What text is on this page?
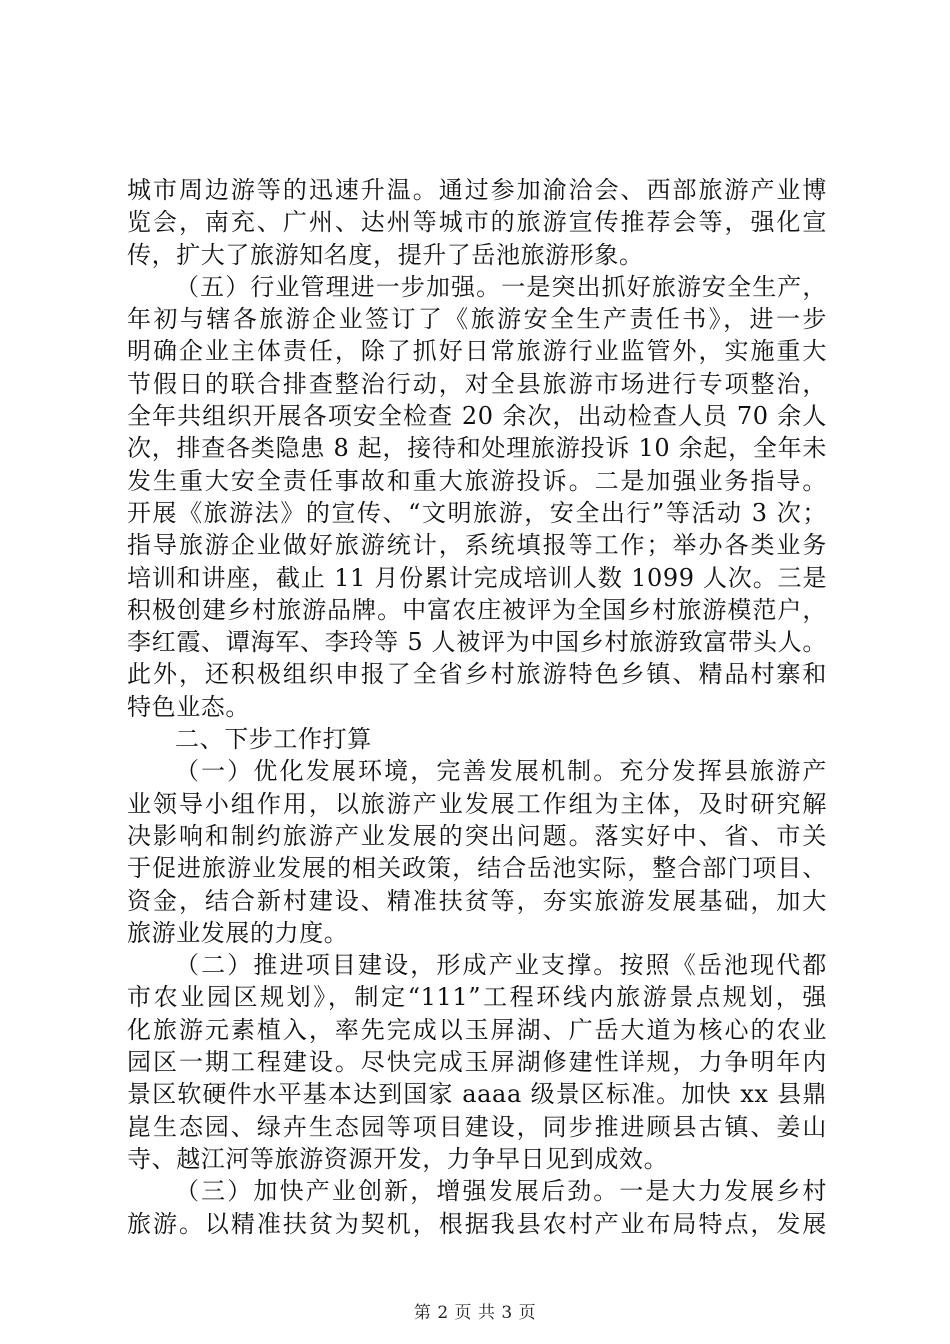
城市周边游等的迅速升温。通过参加渝洽会、西部旅游产业博
览会，南充、广州、达州等城市的旅游宣传推荐会等，强化宣
传，扩大了旅游知名度，提升了岳池旅游形象。
（五）行业管理进一步加强。一是突出抓好旅游安全生产，
年初与辖各旅游企业签订了《旅游安全生产责任书》，进一步
明确企业主体责任，除了抓好日常旅游行业监管外，实施重大
节假日的联合排查整治行动，对全县旅游市场进行专项整治，
全年共组织开展各项安全检查 20 余次，出动检查人员 70 余人
次，排查各类隐患 8 起，接待和处理旅游投诉 10 余起，全年未
发生重大安全责任事故和重大旅游投诉。二是加强业务指导。
开展《旅游法》的宣传、“文明旅游，安全出行”等活动 3 次；
指导旅游企业做好旅游统计，系统填报等工作；举办各类业务
培训和讲座，截止 11 月份累计完成培训人数 1099 人次。三是
积极创建乡村旅游品牌。中富农庄被评为全国乡村旅游模范户，
李红霞、谭海军、李玲等 5 人被评为中国乡村旅游致富带头人。
此外，还积极组织申报了全省乡村旅游特色乡镇、精品村寨和
特色业态。
二、下步工作打算
（一）优化发展环境，完善发展机制。充分发挥县旅游产
业领导小组作用，以旅游产业发展工作组为主体，及时研究解
决影响和制约旅游产业发展的突出问题。落实好中、省、市关
于促进旅游业发展的相关政策，结合岳池实际，整合部门项目、
资金，结合新村建设、精准扶贫等，夯实旅游发展基础，加大
旅游业发展的力度。
（二）推进项目建设，形成产业支撑。按照《岳池现代都
市农业园区规划》，制定“111”工程环线内旅游景点规划，强
化旅游元素植入，率先完成以玉屏湖、广岳大道为核心的农业
园区一期工程建设。尽快完成玉屏湖修建性详规，力争明年内
景区软硬件水平基本达到国家 aaaa 级景区标准。加快 xx 县鼎
崑生态园、绿卉生态园等项目建设，同步推进顾县古镇、姜山
寺、越江河等旅游资源开发，力争早日见到成效。
（三）加快产业创新，增强发展后劲。一是大力发展乡村
旅游。以精准扶贫为契机，根据我县农村产业布局特点，发展
第 2 页 共 3 页
